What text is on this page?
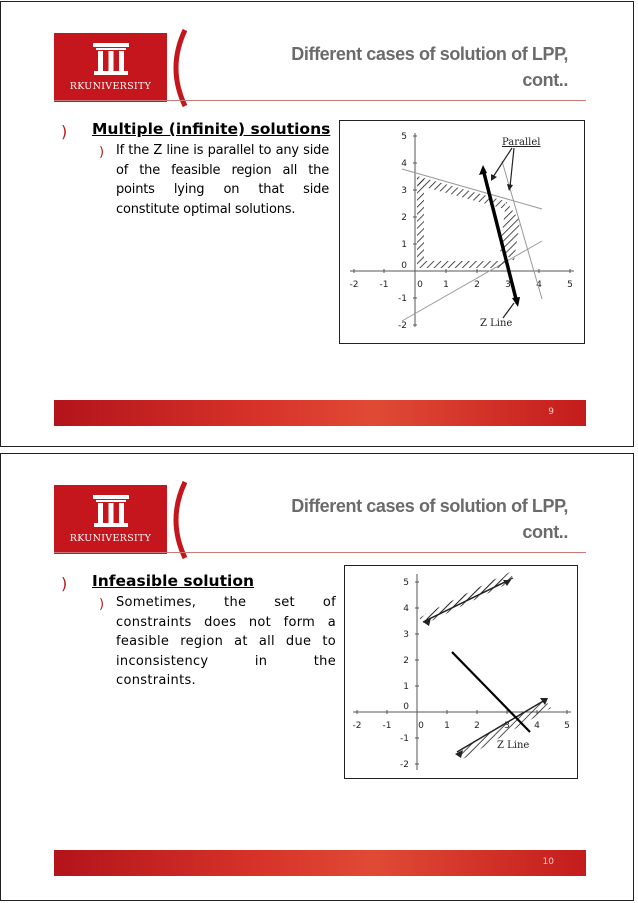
RKUNIVERSITY
Different cases of solution of LPP,
cont..
) Multiple (infinite) solutions
) If the Z line is parallel to any side of the feasible region all the points lying on that side constitute optimal solutions.
-2 -1	0 1	2	3	4	5
5
4
3
2
1
0
-1
-2
Parallel
Z Line
9
RKUNIVERSITY
Different cases of solution of LPP,
cont..
) Infeasible solution
) Sometimes, the set of constraints does not form a feasible region at all due to inconsistency in the constraints.
-2 -1	0 1	2	4	5
5
4
3
2
1
0
-1
-2
Z Line
10
